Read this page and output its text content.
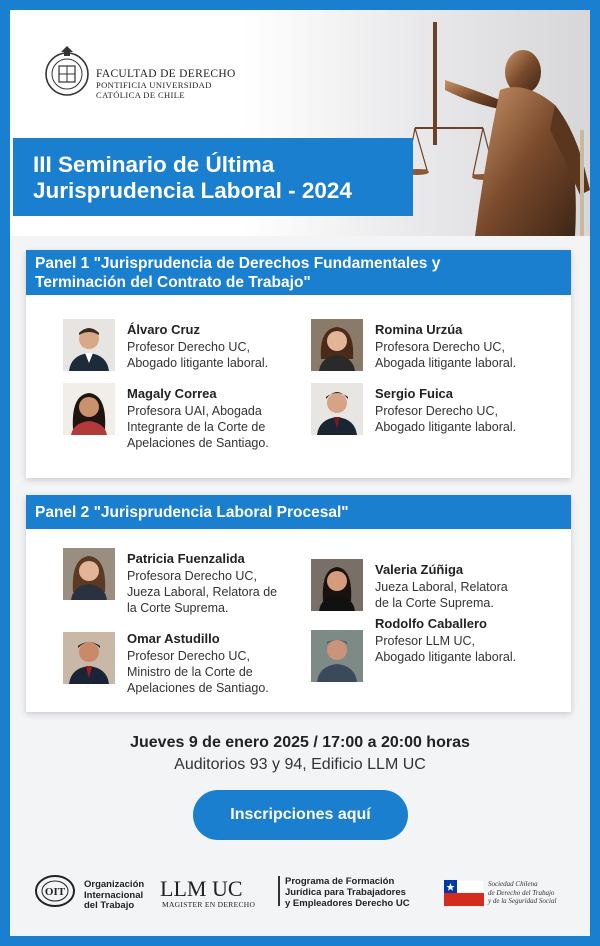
FACULTAD DE DERECHO
PONTIFICIA UNIVERSIDAD
CATÓLICA DE CHILE
III Seminario de Última
Jurisprudencia Laboral - 2024
Panel 1 "Jurisprudencia de Derechos Fundamentales y
Terminación del Contrato de Trabajo"
Álvaro Cruz
Profesor Derecho UC,
Abogado litigante laboral.
Romina Urzúa
Profesora Derecho UC,
Abogada litigante laboral.
Magaly Correa
Profesora UAI, Abogada
Integrante de la Corte de
Apelaciones de Santiago.
Sergio Fuica
Profesor Derecho UC,
Abogado litigante laboral.
Panel 2 "Jurisprudencia Laboral Procesal"
Patricia Fuenzalida
Profesora Derecho UC,
Jueza Laboral, Relatora de
la Corte Suprema.
Valeria Zúñiga
Jueza Laboral, Relatora
de la Corte Suprema.
Omar Astudillo
Profesor Derecho UC,
Ministro de la Corte de
Apelaciones de Santiago.
Rodolfo Caballero
Profesor LLM UC,
Abogado litigante laboral.
Jueves 9 de enero 2025 / 17:00 a 20:00 horas
Auditorios 93 y 94, Edificio LLM UC
Inscripciones aquí
OIT
Organización
Internacional
del Trabajo
LLM UC
MAGISTER EN DERECHO
Programa de Formación
Jurídica para Trabajadores
y Empleadores Derecho UC
Sociedad Chilena
de Derecho del Trabajo
y de la Seguridad Social
